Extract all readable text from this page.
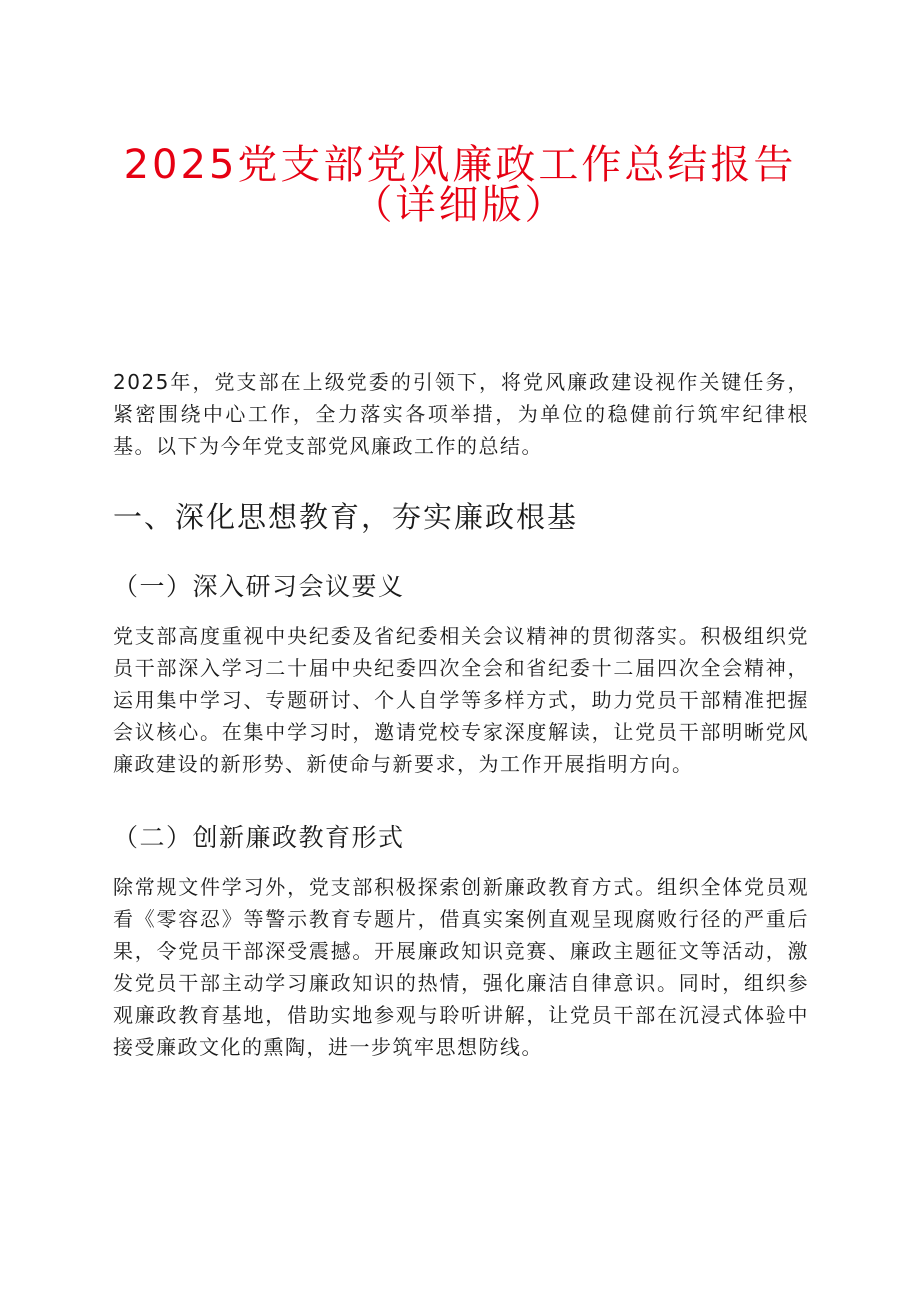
2025党支部党风廉政工作总结报告
（详细版）

2025年，党支部在上级党委的引领下，将党风廉政建设视作关键任务，紧密围绕中心工作，全力落实各项举措，为单位的稳健前行筑牢纪律根基。以下为今年党支部党风廉政工作的总结。

一、深化思想教育，夯实廉政根基
（一）深入研习会议要义

党支部高度重视中央纪委及省纪委相关会议精神的贯彻落实。积极组织党员干部深入学习二十届中央纪委四次全会和省纪委十二届四次全会精神，运用集中学习、专题研讨、个人自学等多样方式，助力党员干部精准把握会议核心。在集中学习时，邀请党校专家深度解读，让党员干部明晰党风廉政建设的新形势、新使命与新要求，为工作开展指明方向。

（二）创新廉政教育形式

除常规文件学习外，党支部积极探索创新廉政教育方式。组织全体党员观看《零容忍》等警示教育专题片，借真实案例直观呈现腐败行径的严重后果，令党员干部深受震撼。开展廉政知识竞赛、廉政主题征文等活动，激发党员干部主动学习廉政知识的热情，强化廉洁自律意识。同时，组织参观廉政教育基地，借助实地参观与聆听讲解，让党员干部在沉浸式体验中接受廉政文化的熏陶，进一步筑牢思想防线。
